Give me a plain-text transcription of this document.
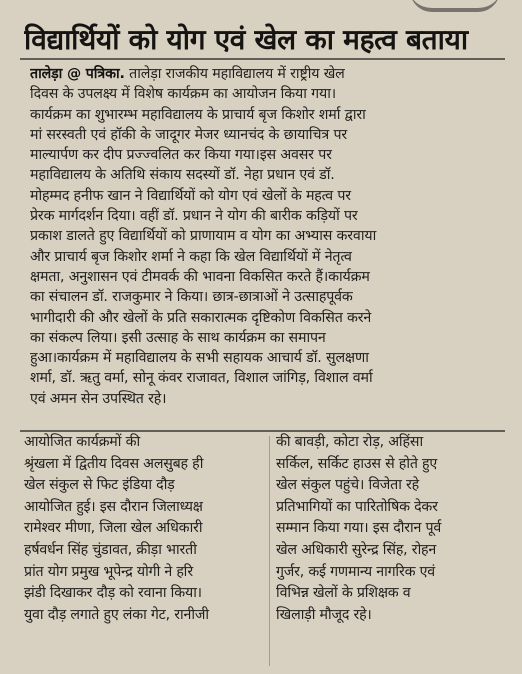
विद्यार्थियों को योग एवं खेल का महत्व बताया
तालेड़ा @ पत्रिका. तालेड़ा राजकीय महाविद्यालय में राष्ट्रीय खेल
दिवस के उपलक्ष्य में विशेष कार्यक्रम का आयोजन किया गया।
कार्यक्रम का शुभारम्भ महाविद्यालय के प्राचार्य बृज किशोर शर्मा द्वारा
मां सरस्वती एवं हॉकी के जादूगर मेजर ध्यानचंद के छायाचित्र पर
माल्यार्पण कर दीप प्रज्ज्वलित कर किया गया।इस अवसर पर
महाविद्यालय के अतिथि संकाय सदस्यों डॉ. नेहा प्रधान एवं डॉ.
मोहम्मद हनीफ खान ने विद्यार्थियों को योग एवं खेलों के महत्व पर
प्रेरक मार्गदर्शन दिया। वहीं डॉ. प्रधान ने योग की बारीक कड़ियों पर
प्रकाश डालते हुए विद्यार्थियों को प्राणायाम व योग का अभ्यास करवाया
और प्राचार्य बृज किशोर शर्मा ने कहा कि खेल विद्यार्थियों में नेतृत्व
क्षमता, अनुशासन एवं टीमवर्क की भावना विकसित करते हैं।कार्यक्रम
का संचालन डॉ. राजकुमार ने किया। छात्र-छात्राओं ने उत्साहपूर्वक
भागीदारी की और खेलों के प्रति सकारात्मक दृष्टिकोण विकसित करने
का संकल्प लिया। इसी उत्साह के साथ कार्यक्रम का समापन
हुआ।कार्यक्रम में महाविद्यालय के सभी सहायक आचार्य डॉ. सुलक्षणा
शर्मा, डॉ. ऋतु वर्मा, सोनू कंवर राजावत, विशाल जांगिड़, विशाल वर्मा
एवं अमन सेन उपस्थित रहे।
आयोजित कार्यक्रमों की
श्रृंखला में द्वितीय दिवस अलसुबह ही
खेल संकुल से फिट इंडिया दौड़
आयोजित हुई। इस दौरान जिलाध्यक्ष
रामेश्वर मीणा, जिला खेल अधिकारी
हर्षवर्धन सिंह चुंडावत, क्रीड़ा भारती
प्रांत योग प्रमुख भूपेन्द्र योगी ने हरि
झंडी दिखाकर दौड़ को रवाना किया।
युवा दौड़ लगाते हुए लंका गेट, रानीजी
की बावड़ी, कोटा रोड़, अहिंसा
सर्किल, सर्किट हाउस से होते हुए
खेल संकुल पहुंचे। विजेता रहे
प्रतिभागियों का पारितोषिक देकर
सम्मान किया गया। इस दौरान पूर्व
खेल अधिकारी सुरेन्द्र सिंह, रोहन
गुर्जर, कई गणमान्य नागरिक एवं
विभिन्न खेलों के प्रशिक्षक व
खिलाड़ी मौजूद रहे।
